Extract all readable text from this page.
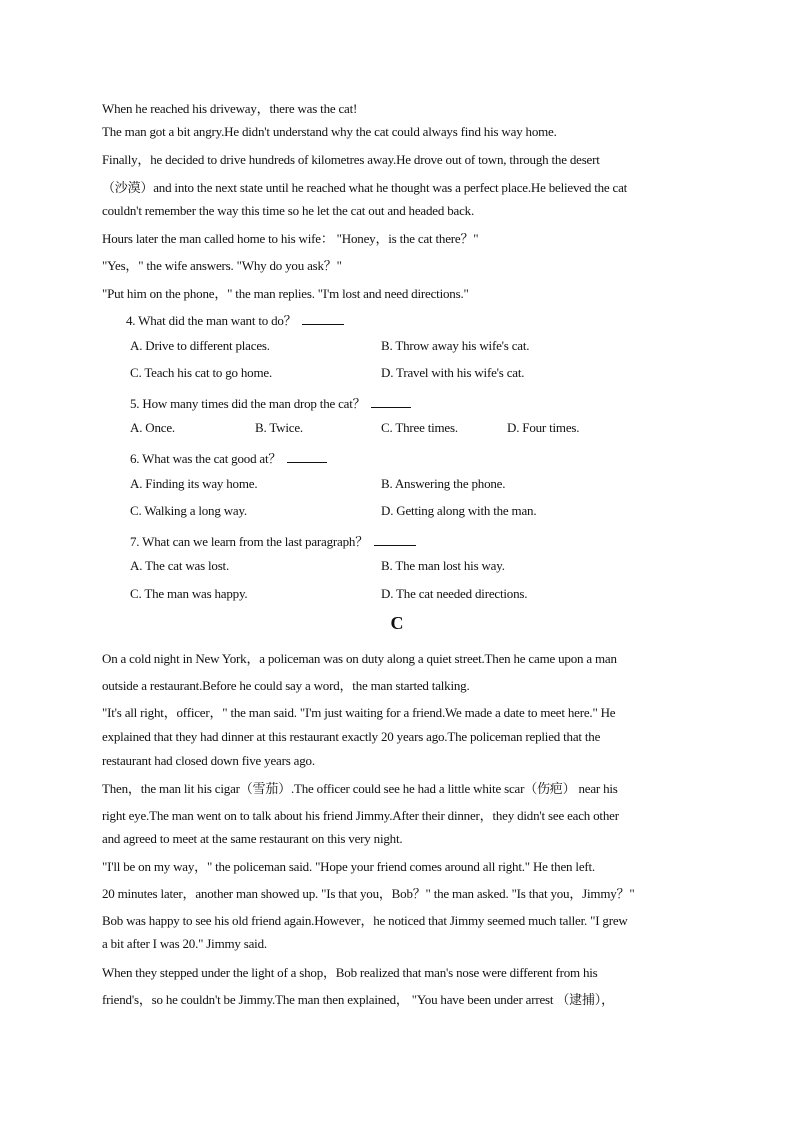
When he reached his driveway，there was the cat!
The man got a bit angry.He didn't understand why the cat could always find his way home.
Finally，he decided to drive hundreds of kilometres away.He drove out of town, through the desert
（沙漠）and into the next state until he reached what he thought was a perfect place.He believed the cat
couldn't remember the way this time so he let the cat out and headed back.
Hours later the man called home to his wife： "Honey，is the cat there？"
"Yes，" the wife answers. "Why do you ask？"
"Put him on the phone，" the man replies. "I'm lost and need directions."
4. What did the man want to do？
A. Drive to different places.	B. Throw away his wife's cat.
C. Teach his cat to go home.	D. Travel with his wife's cat.
5. How many times did the man drop the cat？
A. Once.	B. Twice.	C. Three times.	D. Four times.
6. What was the cat good at？
A. Finding its way home.	B. Answering the phone.
C. Walking a long way.	D. Getting along with the man.
7. What can we learn from the last paragraph？
A. The cat was lost.	B. The man lost his way.
C. The man was happy.	D. The cat needed directions.
C
On a cold night in New York，a policeman was on duty along a quiet street.Then he came upon a man
outside a restaurant.Before he could say a word，the man started talking.
"It's all right，officer，" the man said. "I'm just waiting for a friend.We made a date to meet here." He
explained that they had dinner at this restaurant exactly 20 years ago.The policeman replied that the
restaurant had closed down five years ago.
Then，the man lit his cigar（雪茄）.The officer could see he had a little white scar（伤疤） near his
right eye.The man went on to talk about his friend Jimmy.After their dinner，they didn't see each other
and agreed to meet at the same restaurant on this very night.
"I'll be on my way，" the policeman said. "Hope your friend comes around all right." He then left.
20 minutes later，another man showed up. "Is that you，Bob？" the man asked. "Is that you，Jimmy？"
Bob was happy to see his old friend again.However，he noticed that Jimmy seemed much taller. "I grew
a bit after I was 20." Jimmy said.
When they stepped under the light of a shop，Bob realized that man's nose were different from his
friend's，so he couldn't be Jimmy.The man then explained， "You have been under arrest （逮捕），
